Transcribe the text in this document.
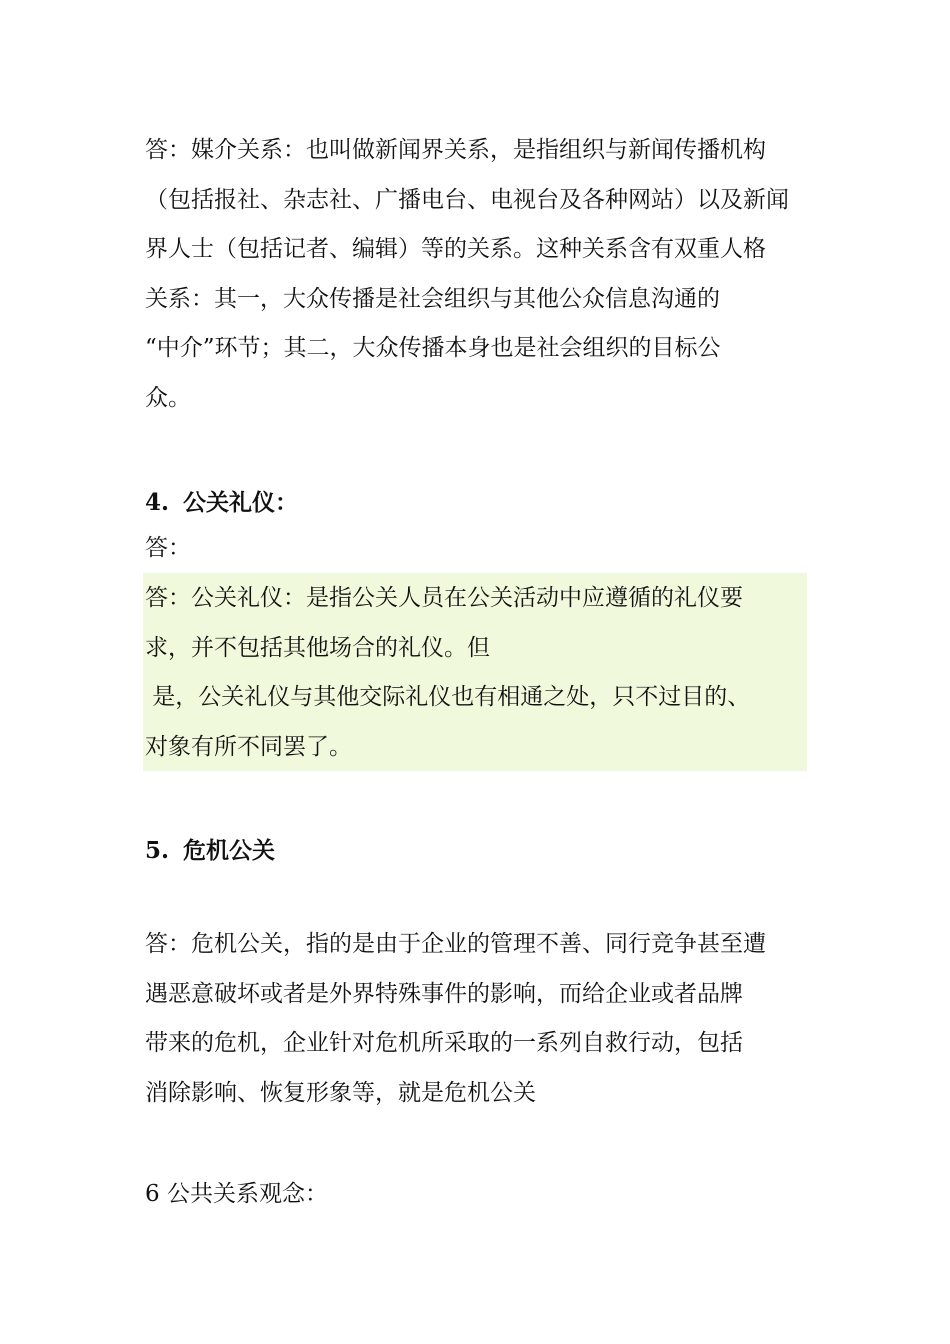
答：媒介关系：也叫做新闻界关系，是指组织与新闻传播机构
（包括报社、杂志社、广播电台、电视台及各种网站）以及新闻
界人士（包括记者、编辑）等的关系。这种关系含有双重人格
关系：其一，大众传播是社会组织与其他公众信息沟通的
“中介”环节；其二，大众传播本身也是社会组织的目标公
众。
4. 公关礼仪：
答：
答：公关礼仪：是指公关人员在公关活动中应遵循的礼仪要
求，并不包括其他场合的礼仪。但
是，公关礼仪与其他交际礼仪也有相通之处，只不过目的、
对象有所不同罢了。
5. 危机公关
答：危机公关，指的是由于企业的管理不善、同行竞争甚至遭
遇恶意破坏或者是外界特殊事件的影响，而给企业或者品牌
带来的危机，企业针对危机所采取的一系列自救行动，包括
消除影响、恢复形象等，就是危机公关
6 公共关系观念：
